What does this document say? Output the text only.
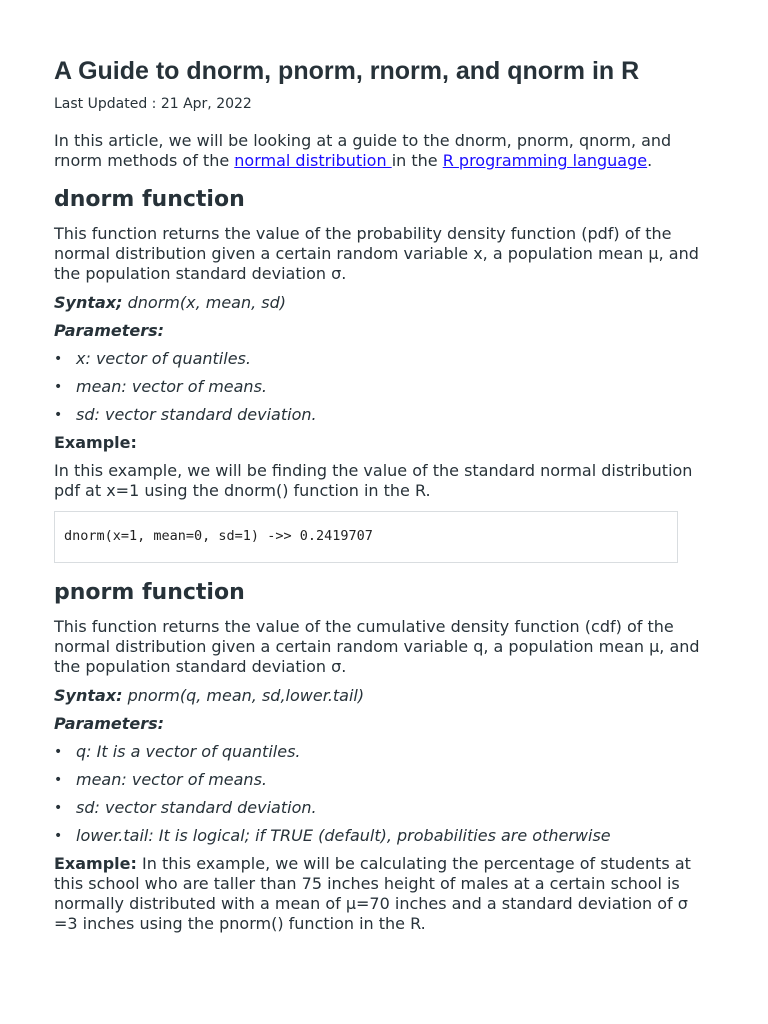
A Guide to dnorm, pnorm, rnorm, and qnorm in R
Last Updated : 21 Apr, 2022

In this article, we will be looking at a guide to the dnorm, pnorm, qnorm, and rnorm methods of the normal distribution in the R programming language.

dnorm function

This function returns the value of the probability density function (pdf) of the normal distribution given a certain random variable x, a population mean μ, and the population standard deviation σ.

Syntax; dnorm(x, mean, sd)

Parameters:

• x: vector of quantiles.
• mean: vector of means.
• sd: vector standard deviation.

Example:

In this example, we will be finding the value of the standard normal distribution pdf at x=1 using the dnorm() function in the R.

dnorm(x=1, mean=0, sd=1) ->> 0.2419707
pnorm function

This function returns the value of the cumulative density function (cdf) of the normal distribution given a certain random variable q, a population mean μ, and the population standard deviation σ.

Syntax: pnorm(q, mean, sd,lower.tail)

Parameters:

• q: It is a vector of quantiles.
• mean: vector of means.
• sd: vector standard deviation.
• lower.tail: It is logical; if TRUE (default), probabilities are otherwise

Example: In this example, we will be calculating the percentage of students at this school who are taller than 75 inches height of males at a certain school is normally distributed with a mean of μ=70 inches and a standard deviation of σ =3 inches using the pnorm() function in the R.
